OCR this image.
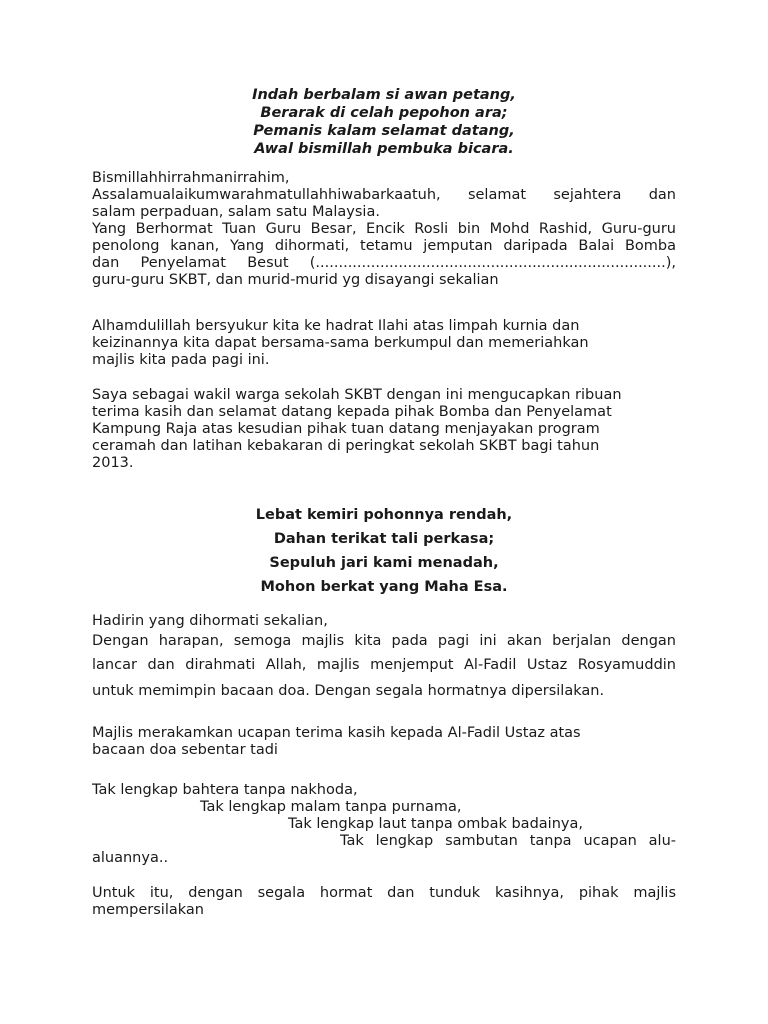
Indah berbalam si awan petang,
Berarak di celah pepohon ara;
Pemanis kalam selamat datang,
Awal bismillah pembuka bicara.
Bismillahhirrahmanirrahim,
Assalamualaikumwarahmatullahhiwabarkaatuh, selamat sejahtera dan
salam perpaduan, salam satu Malaysia.
Yang Berhormat Tuan Guru Besar, Encik Rosli bin Mohd Rashid, Guru-guru
penolong kanan, Yang dihormati, tetamu jemputan daripada Balai Bomba
dan Penyelamat Besut (............................................................................),
guru-guru SKBT, dan murid-murid yg disayangi sekalian
Alhamdulillah bersyukur kita ke hadrat Ilahi atas limpah kurnia dan
keizinannya kita dapat bersama-sama berkumpul dan memeriahkan
majlis kita pada pagi ini.
Saya sebagai wakil warga sekolah SKBT dengan ini mengucapkan ribuan
terima kasih dan selamat datang kepada pihak Bomba dan Penyelamat
Kampung Raja atas kesudian pihak tuan datang menjayakan program
ceramah dan latihan kebakaran di peringkat sekolah SKBT bagi tahun
2013.
Lebat kemiri pohonnya rendah,
Dahan terikat tali perkasa;
Sepuluh jari kami menadah,
Mohon berkat yang Maha Esa.
Hadirin yang dihormati sekalian,
Dengan harapan, semoga majlis kita pada pagi ini akan berjalan dengan
lancar dan dirahmati Allah, majlis menjemput Al-Fadil Ustaz Rosyamuddin
untuk memimpin bacaan doa. Dengan segala hormatnya dipersilakan.
Majlis merakamkan ucapan terima kasih kepada Al-Fadil Ustaz atas
bacaan doa sebentar tadi
Tak lengkap bahtera tanpa nakhoda,
Tak lengkap malam tanpa purnama,
Tak lengkap laut tanpa ombak badainya,
Tak lengkap sambutan tanpa ucapan alu-
aluannya..
Untuk itu, dengan segala hormat dan tunduk kasihnya, pihak majlis
mempersilakan
